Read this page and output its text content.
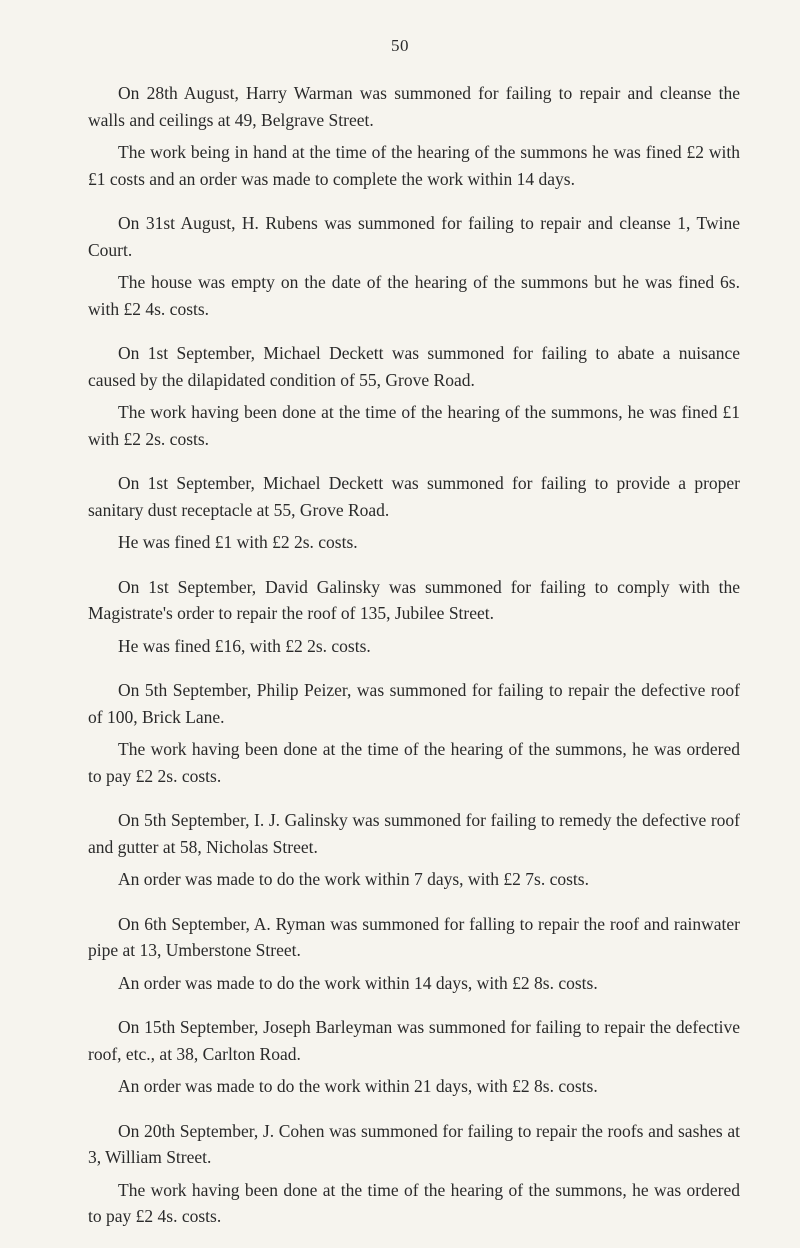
50

On 28th August, Harry Warman was summoned for failing to repair and cleanse the walls and ceilings at 49, Belgrave Street.

The work being in hand at the time of the hearing of the summons he was fined £2 with £1 costs and an order was made to complete the work within 14 days.

On 31st August, H. Rubens was summoned for failing to repair and cleanse 1, Twine Court.

The house was empty on the date of the hearing of the summons but he was fined 6s. with £2 4s. costs.

On 1st September, Michael Deckett was summoned for failing to abate a nuisance caused by the dilapidated condition of 55, Grove Road.

The work having been done at the time of the hearing of the summons, he was fined £1 with £2 2s. costs.

On 1st September, Michael Deckett was summoned for failing to provide a proper sanitary dust receptacle at 55, Grove Road.

He was fined £1 with £2 2s. costs.

On 1st September, David Galinsky was summoned for failing to comply with the Magistrate's order to repair the roof of 135, Jubilee Street.

He was fined £16, with £2 2s. costs.

On 5th September, Philip Peizer, was summoned for failing to repair the defective roof of 100, Brick Lane.

The work having been done at the time of the hearing of the summons, he was ordered to pay £2 2s. costs.

On 5th September, I. J. Galinsky was summoned for failing to remedy the defective roof and gutter at 58, Nicholas Street.

An order was made to do the work within 7 days, with £2 7s. costs.

On 6th September, A. Ryman was summoned for falling to repair the roof and rainwater pipe at 13, Umberstone Street.

An order was made to do the work within 14 days, with £2 8s. costs.

On 15th September, Joseph Barleyman was summoned for failing to repair the defective roof, etc., at 38, Carlton Road.

An order was made to do the work within 21 days, with £2 8s. costs.

On 20th September, J. Cohen was summoned for failing to repair the roofs and sashes at 3, William Street.

The work having been done at the time of the hearing of the summons, he was ordered to pay £2 4s. costs.
